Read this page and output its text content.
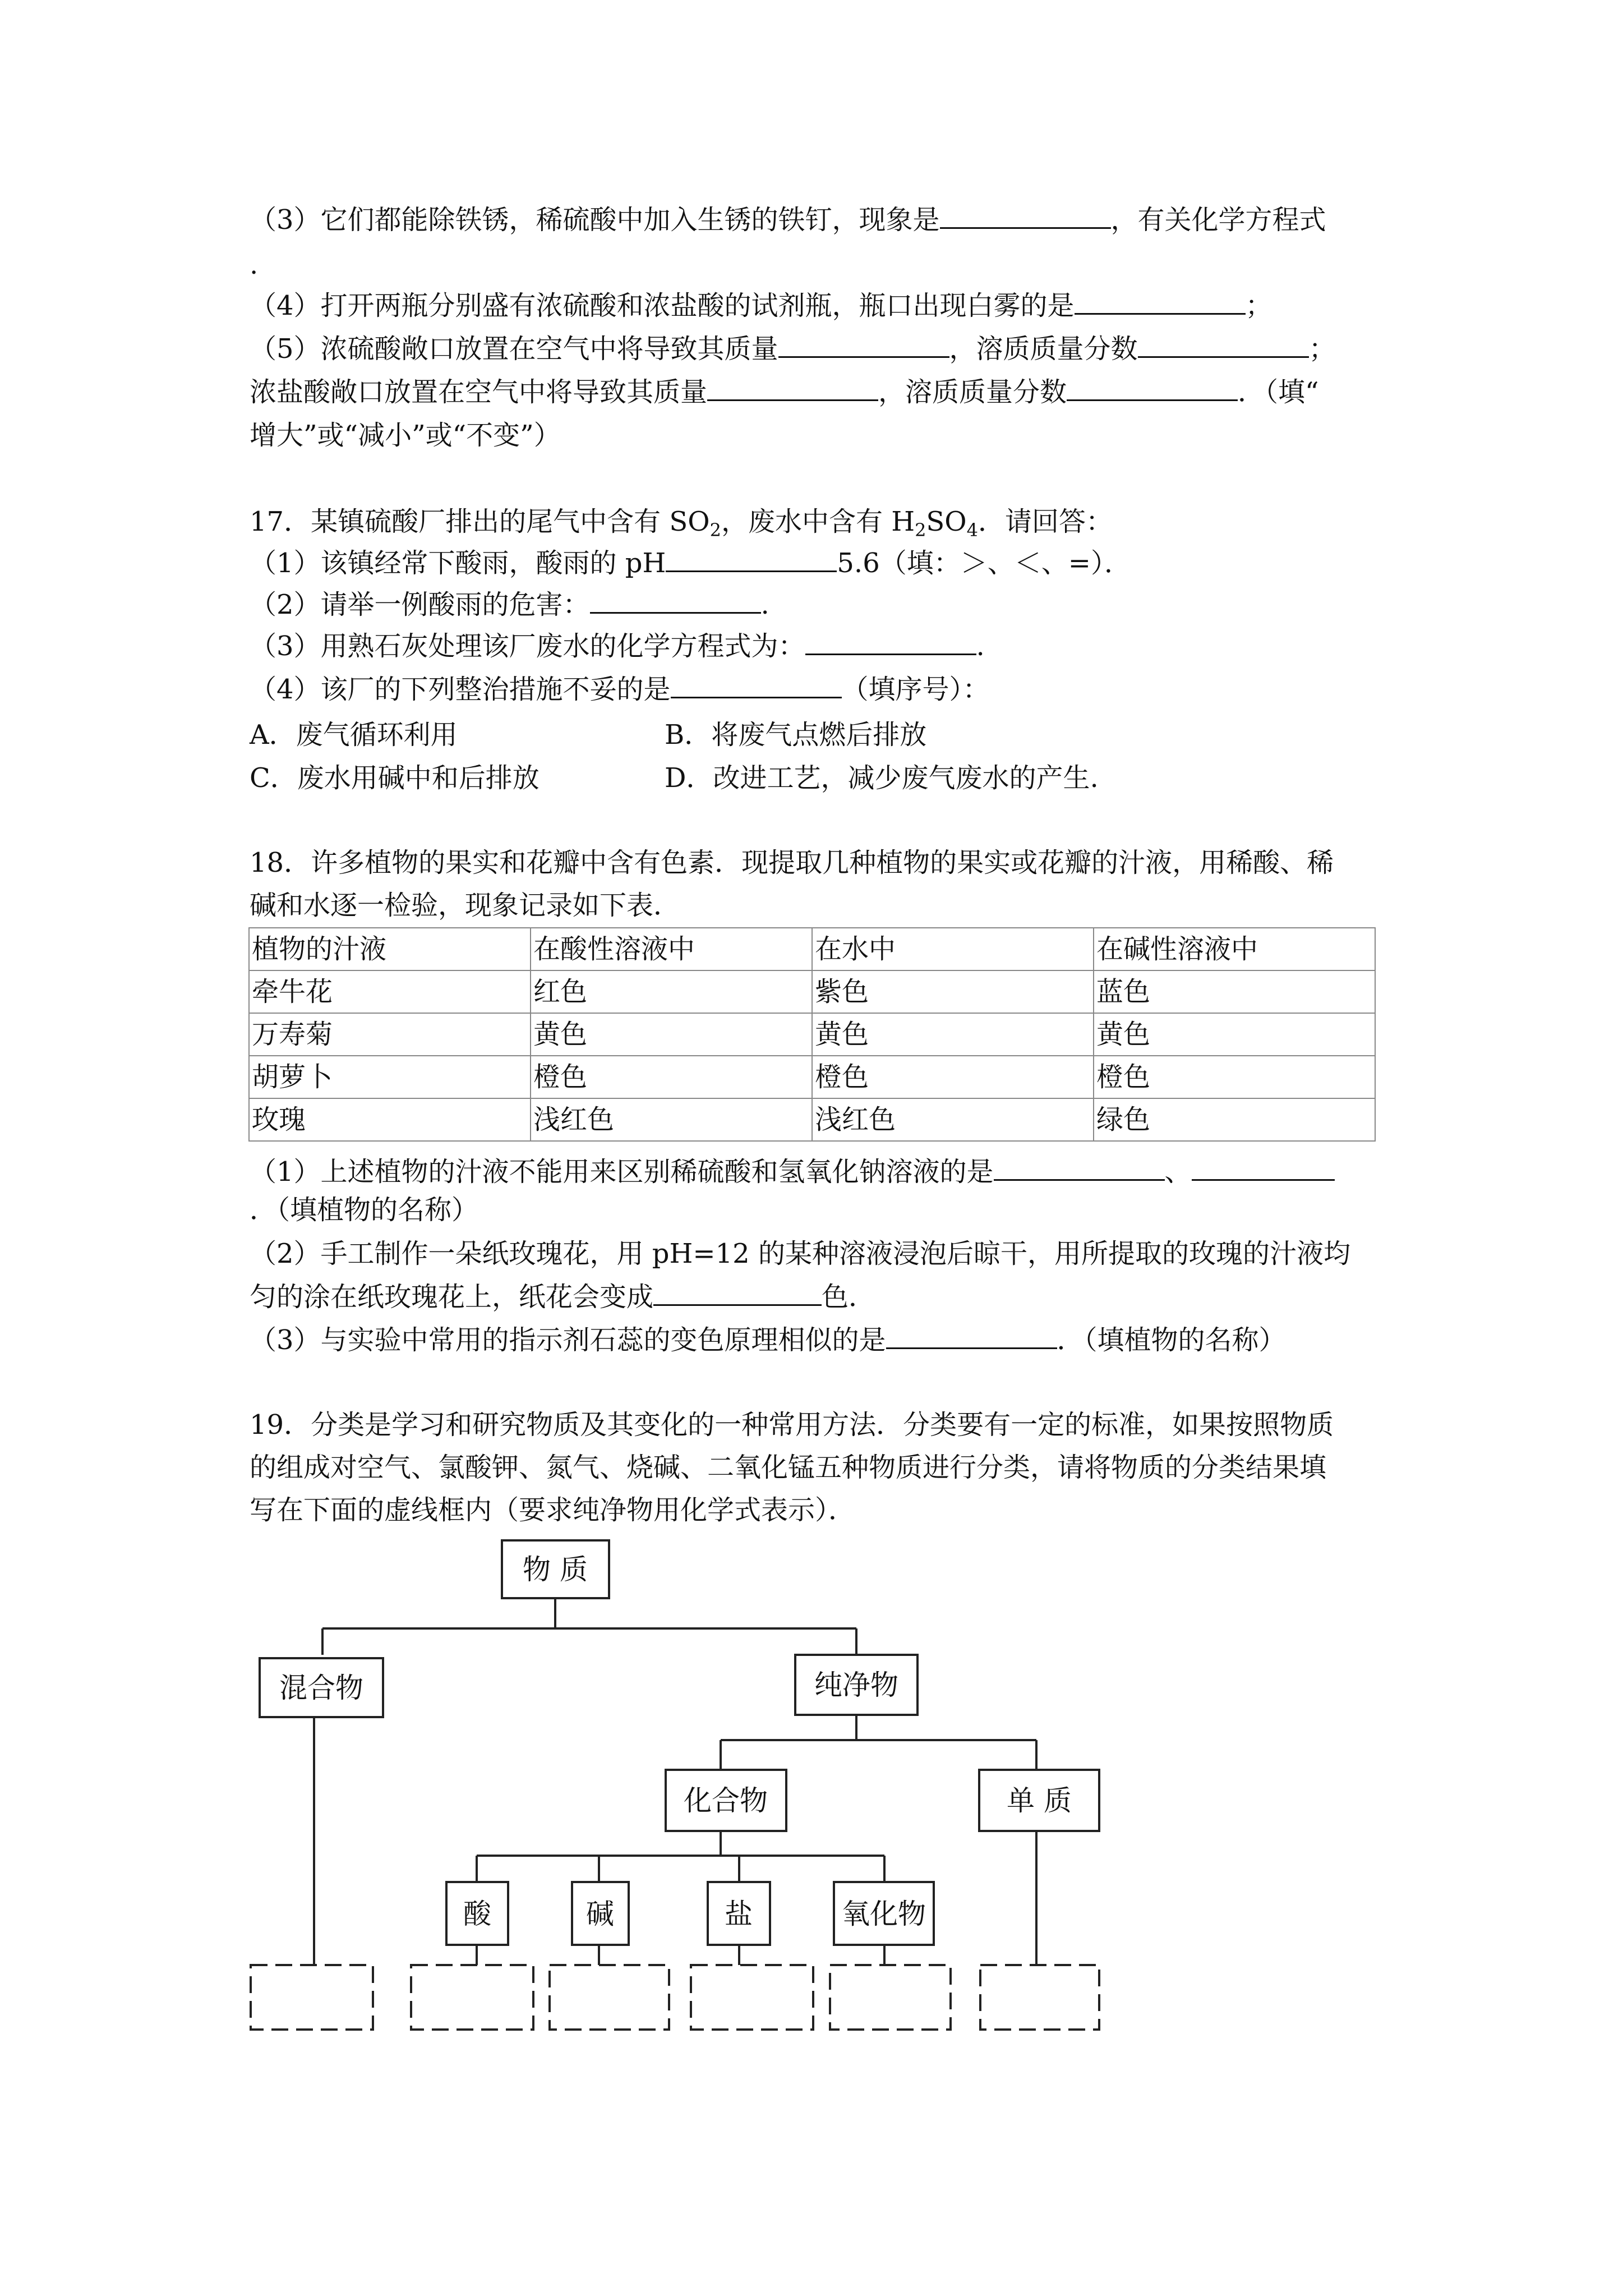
（3）它们都能除铁锈，稀硫酸中加入生锈的铁钉，现象是	，有关化学方程式
.
（4）打开两瓶分别盛有浓硫酸和浓盐酸的试剂瓶，瓶口出现白雾的是	；
（5）浓硫酸敞口放置在空气中将导致其质量	，溶质质量分数	；
浓盐酸敞口放置在空气中将导致其质量	，溶质质量分数	．（填“
增大”或“减小”或“不变”）
17．某镇硫酸厂排出的尾气中含有 $SO_2$，废水中含有 $H_2SO_4$．请回答：
（1）该镇经常下酸雨，酸雨的 pH	5.6（填：＞、＜、=）．
（2）请举一例酸雨的危害：	.
（3）用熟石灰处理该厂废水的化学方程式为：	.
（4）该厂的下列整治措施不妥的是	（填序号）：
A．废气循环利用	B．将废气点燃后排放
C．废水用碱中和后排放	D．改进工艺，减少废气废水的产生.
18．许多植物的果实和花瓣中含有色素．现提取几种植物的果实或花瓣的汁液，用稀酸、稀
碱和水逐一检验，现象记录如下表．
植物的汁液	在酸性溶液中	在水中	在碱性溶液中
牵牛花	红色	紫色	蓝色
万寿菊	黄色	黄色	黄色
胡萝卜	橙色	橙色	橙色
玫瑰	浅红色	浅红色	绿色
（1）上述植物的汁液不能用来区别稀硫酸和氢氧化钠溶液的是	、
．（填植物的名称）
（2）手工制作一朵纸玫瑰花，用 pH=12 的某种溶液浸泡后晾干，用所提取的玫瑰的汁液均
匀的涂在纸玫瑰花上，纸花会变成	色．
（3）与实验中常用的指示剂石蕊的变色原理相似的是	．（填植物的名称）
19．分类是学习和研究物质及其变化的一种常用方法．分类要有一定的标准，如果按照物质
的组成对空气、氯酸钾、氮气、烧碱、二氧化锰五种物质进行分类，请将物质的分类结果填
写在下面的虚线框内（要求纯净物用化学式表示）．
物 质
混合物	纯净物
化合物	单 质
酸	碱	盐	氧化物
